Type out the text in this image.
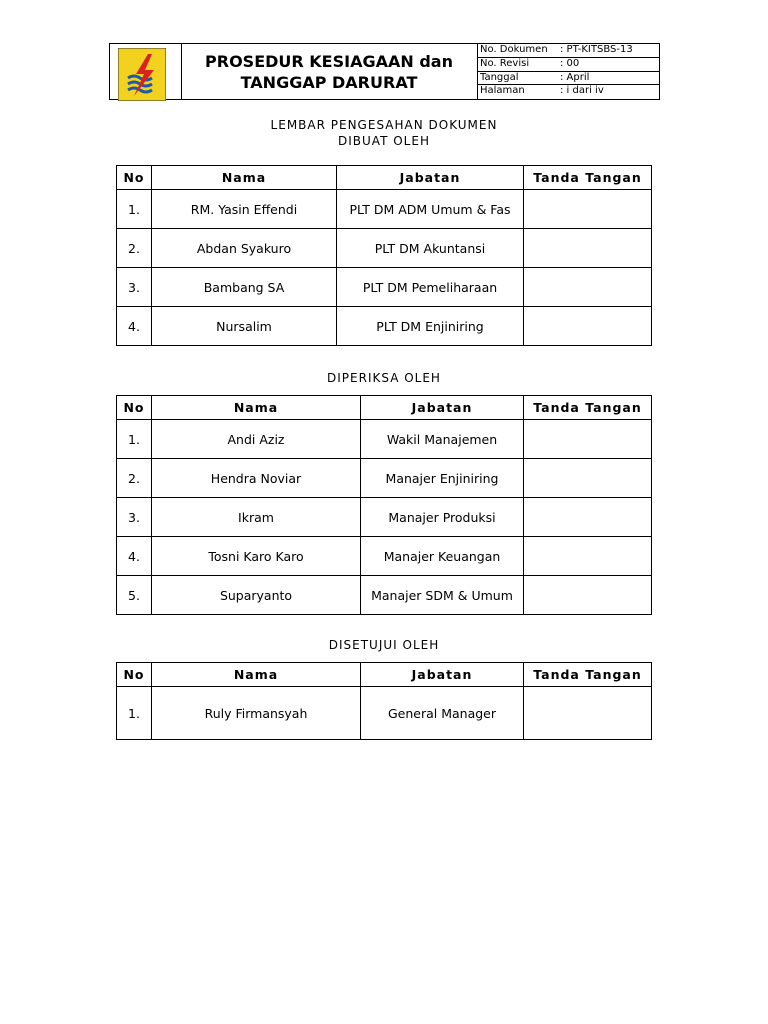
PROSEDUR KESIAGAAN dan
TANGGAP DARURAT
No. Dokumen	: PT-KITSBS-13
No. Revisi	: 00
Tanggal	: April
Halaman	: i dari iv
LEMBAR PENGESAHAN DOKUMEN
DIBUAT OLEH
No	Nama	Jabatan	Tanda Tangan
1.	RM. Yasin Effendi	PLT DM ADM Umum & Fas	
2.	Abdan Syakuro	PLT DM Akuntansi	
3.	Bambang SA	PLT DM Pemeliharaan	
4.	Nursalim	PLT DM Enjiniring	
DIPERIKSA OLEH
No	Nama	Jabatan	Tanda Tangan
1.	Andi Aziz	Wakil Manajemen	
2.	Hendra Noviar	Manajer Enjiniring	
3.	Ikram	Manajer Produksi	
4.	Tosni Karo Karo	Manajer Keuangan	
5.	Suparyanto	Manajer SDM & Umum	
DISETUJUI OLEH
No	Nama	Jabatan	Tanda Tangan
1.	Ruly Firmansyah	General Manager	
